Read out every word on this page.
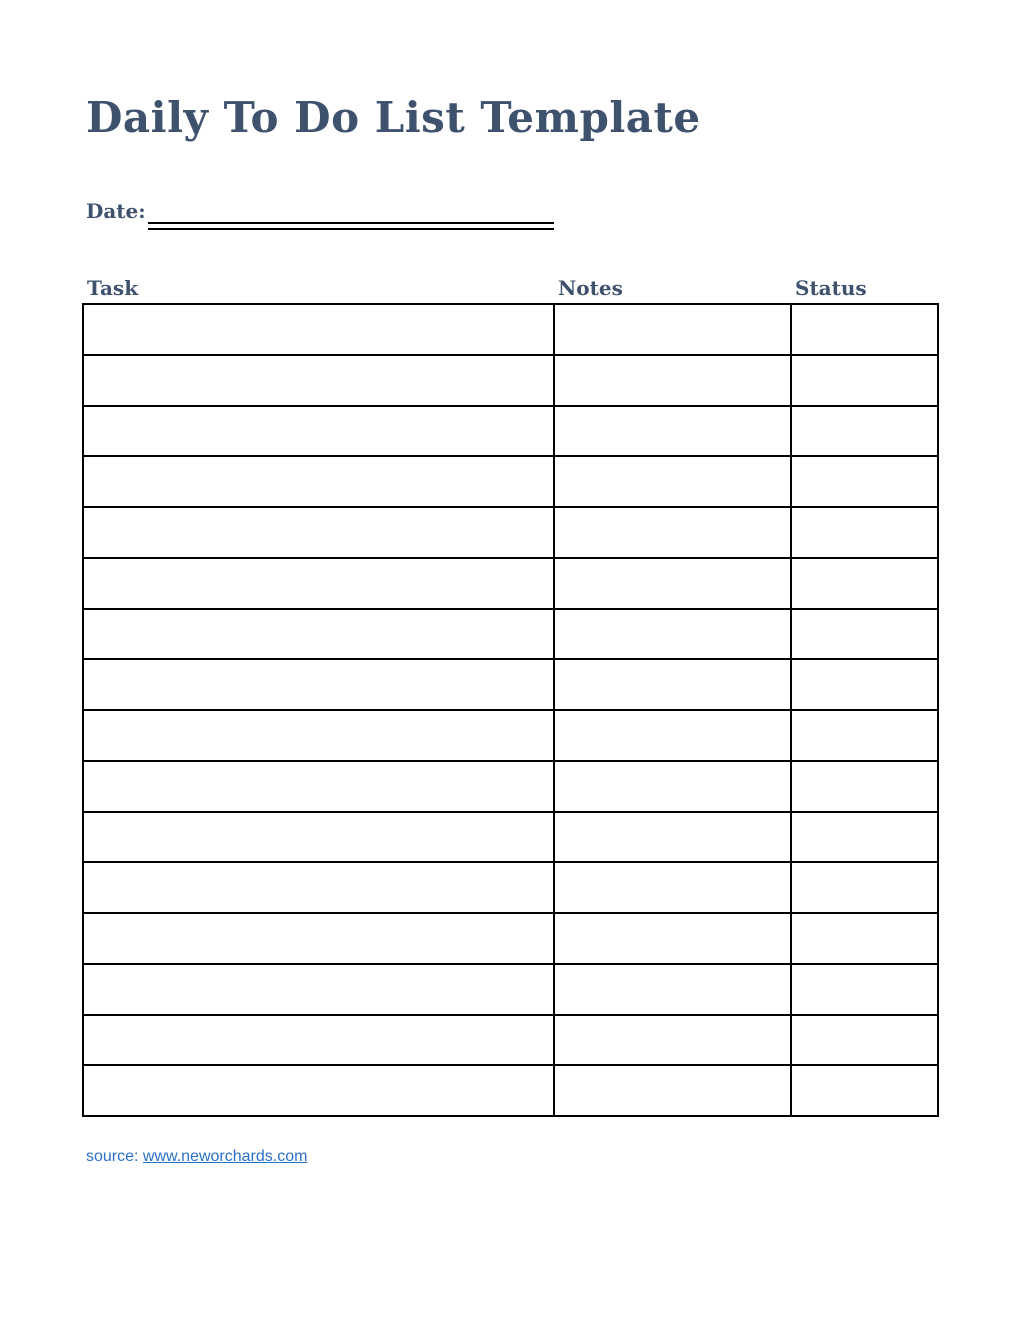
Daily To Do List Template
Date:
Task	Notes	Status

source: www.neworchards.com
